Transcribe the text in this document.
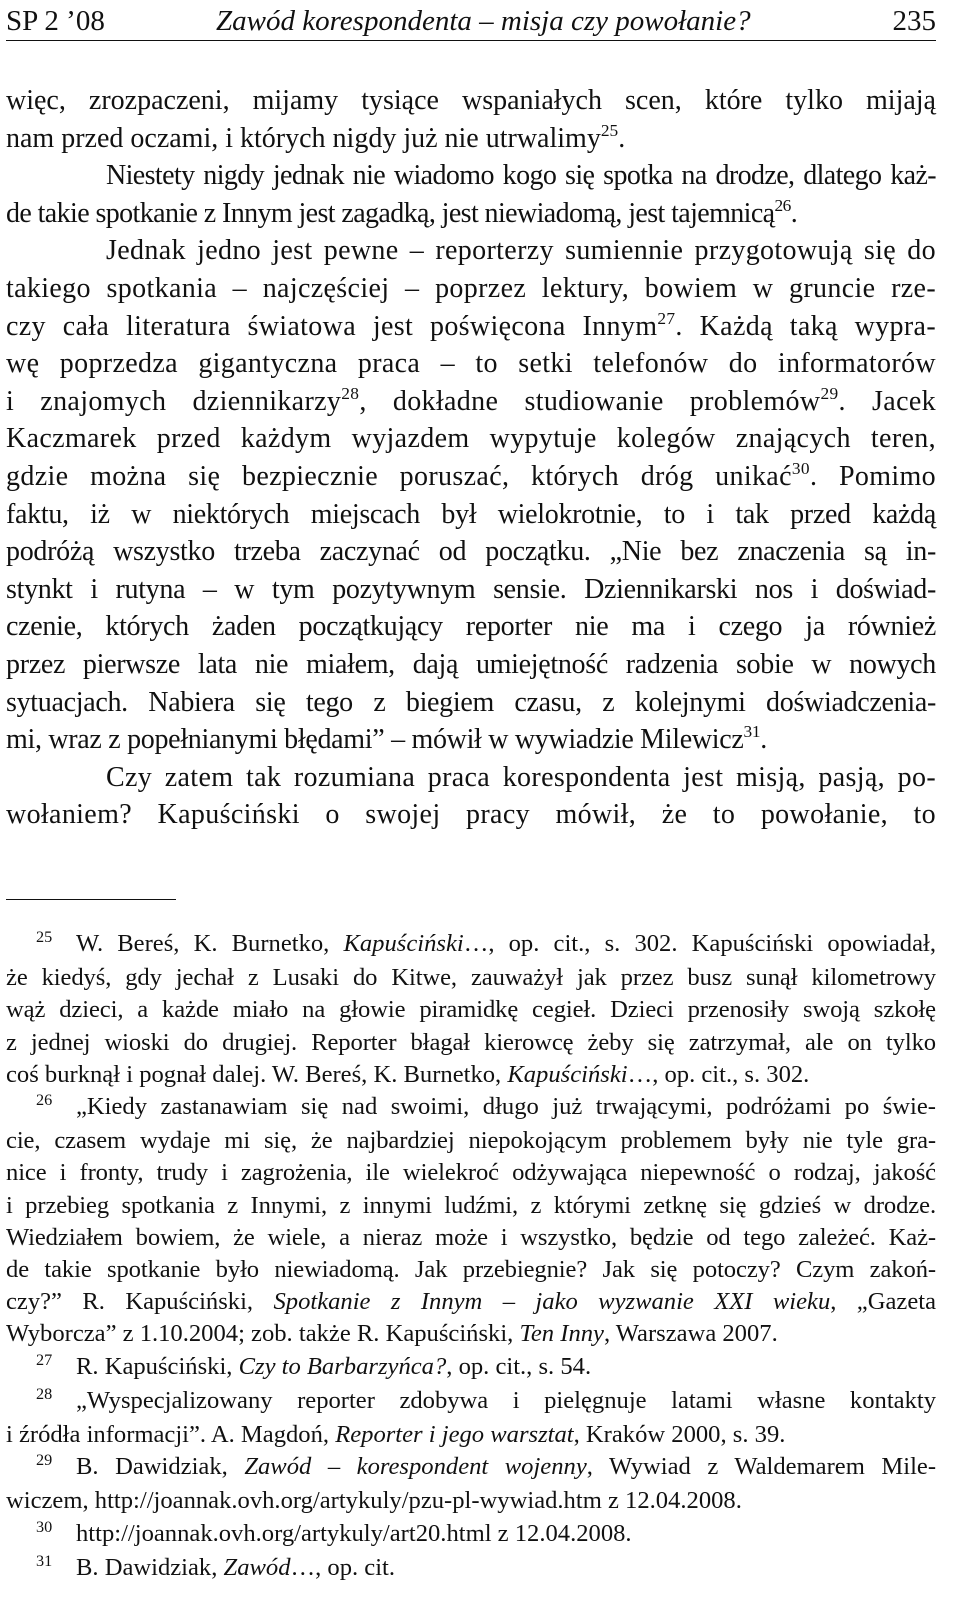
SP 2 ’08	Zawód korespondenta – misja czy powołanie?	235

więc, zrozpaczeni, mijamy tysiące wspaniałych scen, które tylko mijają

nam przed oczami, i których nigdy już nie utrwalimy$^{25}$.

Niestety nigdy jednak nie wiadomo kogo się spotka na drodze, dlatego każ-

de takie spotkanie z Innym jest zagadką, jest niewiadomą, jest tajemnicą$^{26}$.

Jednak jedno jest pewne – reporterzy sumiennie przygotowują się do

takiego spotkania – najczęściej – poprzez lektury, bowiem w gruncie rze-

czy cała literatura światowa jest poświęcona Innym$^{27}$. Każdą taką wypra-

wę poprzedza gigantyczna praca – to setki telefonów do informatorów

i znajomych dziennikarzy$^{28}$, dokładne studiowanie problemów$^{29}$. Jacek

Kaczmarek przed każdym wyjazdem wypytuje kolegów znających teren,

gdzie można się bezpiecznie poruszać, których dróg unikać$^{30}$. Pomimo

faktu, iż w niektórych miejscach był wielokrotnie, to i tak przed każdą

podróżą wszystko trzeba zaczynać od początku. „Nie bez znaczenia są in-

stynkt i rutyna – w tym pozytywnym sensie. Dziennikarski nos i doświad-

czenie, których żaden początkujący reporter nie ma i czego ja również

przez pierwsze lata nie miałem, dają umiejętność radzenia sobie w nowych

sytuacjach. Nabiera się tego z biegiem czasu, z kolejnymi doświadczenia-

mi, wraz z popełnianymi błędami” – mówił w wywiadzie Milewicz$^{31}$.

Czy zatem tak rozumiana praca korespondenta jest misją, pasją, po-

wołaniem? Kapuściński o swojej pracy mówił, że to powołanie, to

25 W. Bereś, K. Burnetko, Kapuściński…, op. cit., s. 302. Kapuściński opowiadał,

że kiedyś, gdy jechał z Lusaki do Kitwe, zauważył jak przez busz sunął kilometrowy

wąż dzieci, a każde miało na głowie piramidkę cegieł. Dzieci przenosiły swoją szkołę

z jednej wioski do drugiej. Reporter błagał kierowcę żeby się zatrzymał, ale on tylko

coś burknął i pognał dalej. W. Bereś, K. Burnetko, Kapuściński…, op. cit., s. 302.

26 „Kiedy zastanawiam się nad swoimi, długo już trwającymi, podróżami po świe-

cie, czasem wydaje mi się, że najbardziej niepokojącym problemem były nie tyle gra-

nice i fronty, trudy i zagrożenia, ile wielekroć odżywająca niepewność o rodzaj, jakość

i przebieg spotkania z Innymi, z innymi ludźmi, z którymi zetknę się gdzieś w drodze.

Wiedziałem bowiem, że wiele, a nieraz może i wszystko, będzie od tego zależeć. Każ-

de takie spotkanie było niewiadomą. Jak przebiegnie? Jak się potoczy? Czym zakoń-

czy?” R. Kapuściński, Spotkanie z Innym – jako wyzwanie XXI wieku, „Gazeta

Wyborcza” z 1.10.2004; zob. także R. Kapuściński, Ten Inny, Warszawa 2007.

27 R. Kapuściński, Czy to Barbarzyńca?, op. cit., s. 54.

28 „Wyspecjalizowany reporter zdobywa i pielęgnuje latami własne kontakty

i źródła informacji”. A. Magdoń, Reporter i jego warsztat, Kraków 2000, s. 39.

29 B. Dawidziak, Zawód – korespondent wojenny, Wywiad z Waldemarem Mile-

wiczem, http://joannak.ovh.org/artykuly/pzu-pl-wywiad.htm z 12.04.2008.

30 http://joannak.ovh.org/artykuly/art20.html z 12.04.2008.

31 B. Dawidziak, Zawód…, op. cit.
